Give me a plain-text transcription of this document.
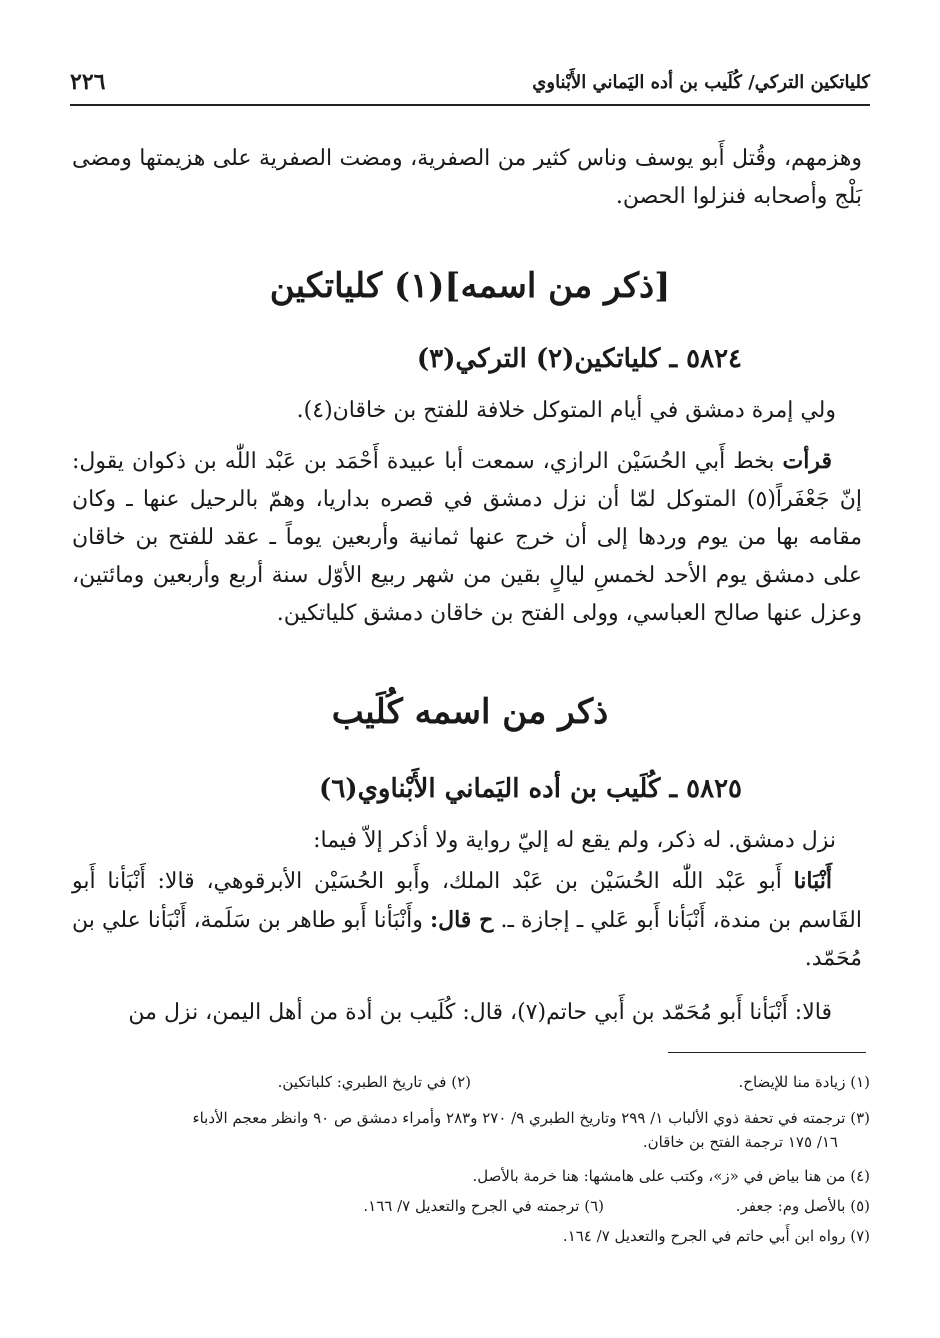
كلياتكين التركي/ كُلَيب بن أده اليَماني الأَبْناوي
٢٢٦
وهزمهم، وقُتل أَبو يوسف وناس كثير من الصفرية، ومضت الصفرية على هزيمتها ومضى بَلْج وأصحابه فنزلوا الحصن.
[ذكر من اسمه](١) كلياتكين
٥٨٢٤ ـ كلياتكين(٢) التركي(٣)
ولي إمرة دمشق في أيام المتوكل خلافة للفتح بن خاقان(٤).
قرأت بخط أَبي الحُسَيْن الرازي، سمعت أبا عبيدة أَحْمَد بن عَبْد اللّٰه بن ذكوان يقول: إنّ جَعْفَراً(٥) المتوكل لمّا أن نزل دمشق في قصره بداريا، وهمّ بالرحيل عنها ـ وكان مقامه بها من يوم وردها إلى أن خرج عنها ثمانية وأربعين يوماً ـ عقد للفتح بن خاقان على دمشق يوم الأحد لخمسِ ليالٍ بقين من شهر ربيع الأوّل سنة أربع وأربعين ومائتين، وعزل عنها صالح العباسي، وولى الفتح بن خاقان دمشق كلياتكين.
ذكر من اسمه كُلَيب
٥٨٢٥ ـ كُلَيب بن أده اليَماني الأَبْناوي(٦)
نزل دمشق. له ذكر، ولم يقع له إليّ رواية ولا أذكر إلاّ فيما:
أَنْبَانا أَبو عَبْد اللّٰه الحُسَيْن بن عَبْد الملك، وأَبو الحُسَيْن الأبرقوهي، قالا: أَنْبَأنا أَبو القَاسم بن مندة، أَنْبَأنا أَبو عَلي ـ إجازة ـ. ح قال: وأَنْبَأنا أَبو طاهر بن سَلَمة، أَنْبَأنا علي بن مُحَمّد.
قالا: أَنْبَأنا أَبو مُحَمّد بن أَبي حاتم(٧)، قال: كُلَيب بن أدة من أهل اليمن، نزل من
(١) زيادة منا للإيضاح.
(٢) في تاريخ الطبري: كلباتكين.
(٣) ترجمته في تحفة ذوي الألباب ١/ ٢٩٩ وتاريخ الطبري ٩/ ٢٧٠ و٢٨٣ وأمراء دمشق ص ٩٠ وانظر معجم الأدباء
١٦/ ١٧٥ ترجمة الفتح بن خاقان.
(٤) من هنا بياض في «ز»، وكتب على هامشها: هنا خرمة بالأصل.
(٥) بالأصل وم: جعفر.
(٦) ترجمته في الجرح والتعديل ٧/ ١٦٦.
(٧) رواه ابن أَبي حاتم في الجرح والتعديل ٧/ ١٦٤.
